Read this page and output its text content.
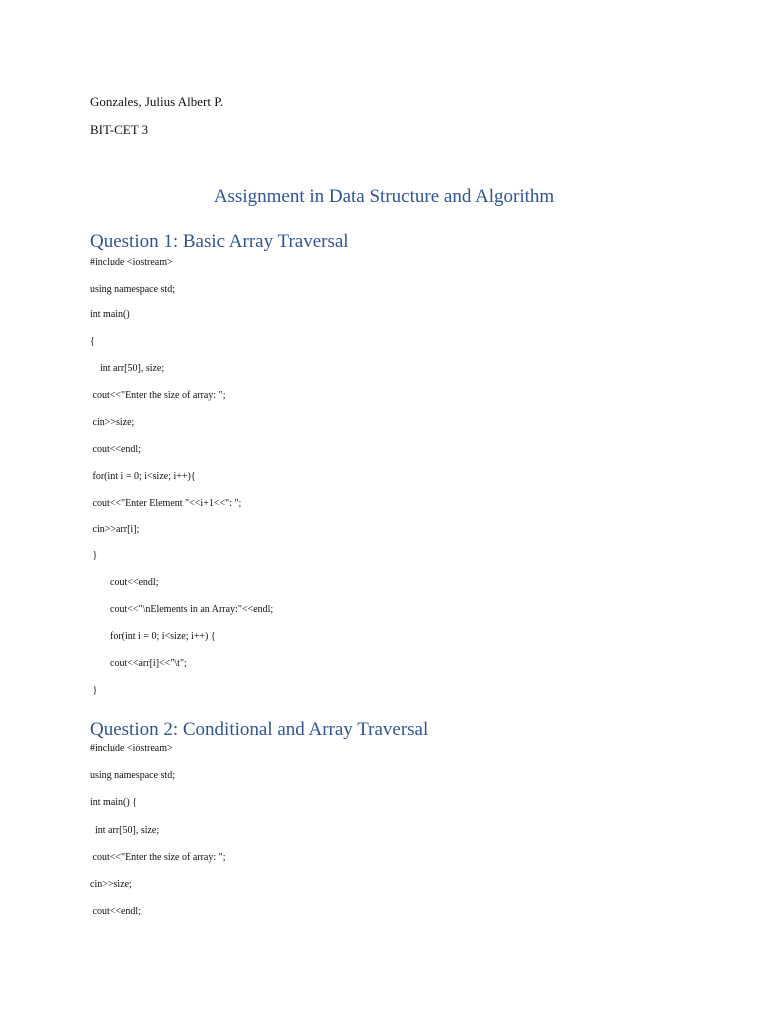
Gonzales, Julius Albert P.
BIT-CET 3
Assignment in Data Structure and Algorithm
Question 1: Basic Array Traversal
#include <iostream>
using namespace std;
int main()
{
int arr[50], size;
cout<<"Enter the size of array: ";
cin>>size;
cout<<endl;
for(int i = 0; i<size; i++){
cout<<"Enter Element "<<i+1<<": ";
cin>>arr[i];
}
cout<<endl;
cout<<"\nElements in an Array:"<<endl;
for(int i = 0; i<size; i++) {
cout<<arr[i]<<"\t";
}
Question 2: Conditional and Array Traversal
#include <iostream>
using namespace std;
int main() {
int arr[50], size;
cout<<"Enter the size of array: ";
cin>>size;
cout<<endl;
